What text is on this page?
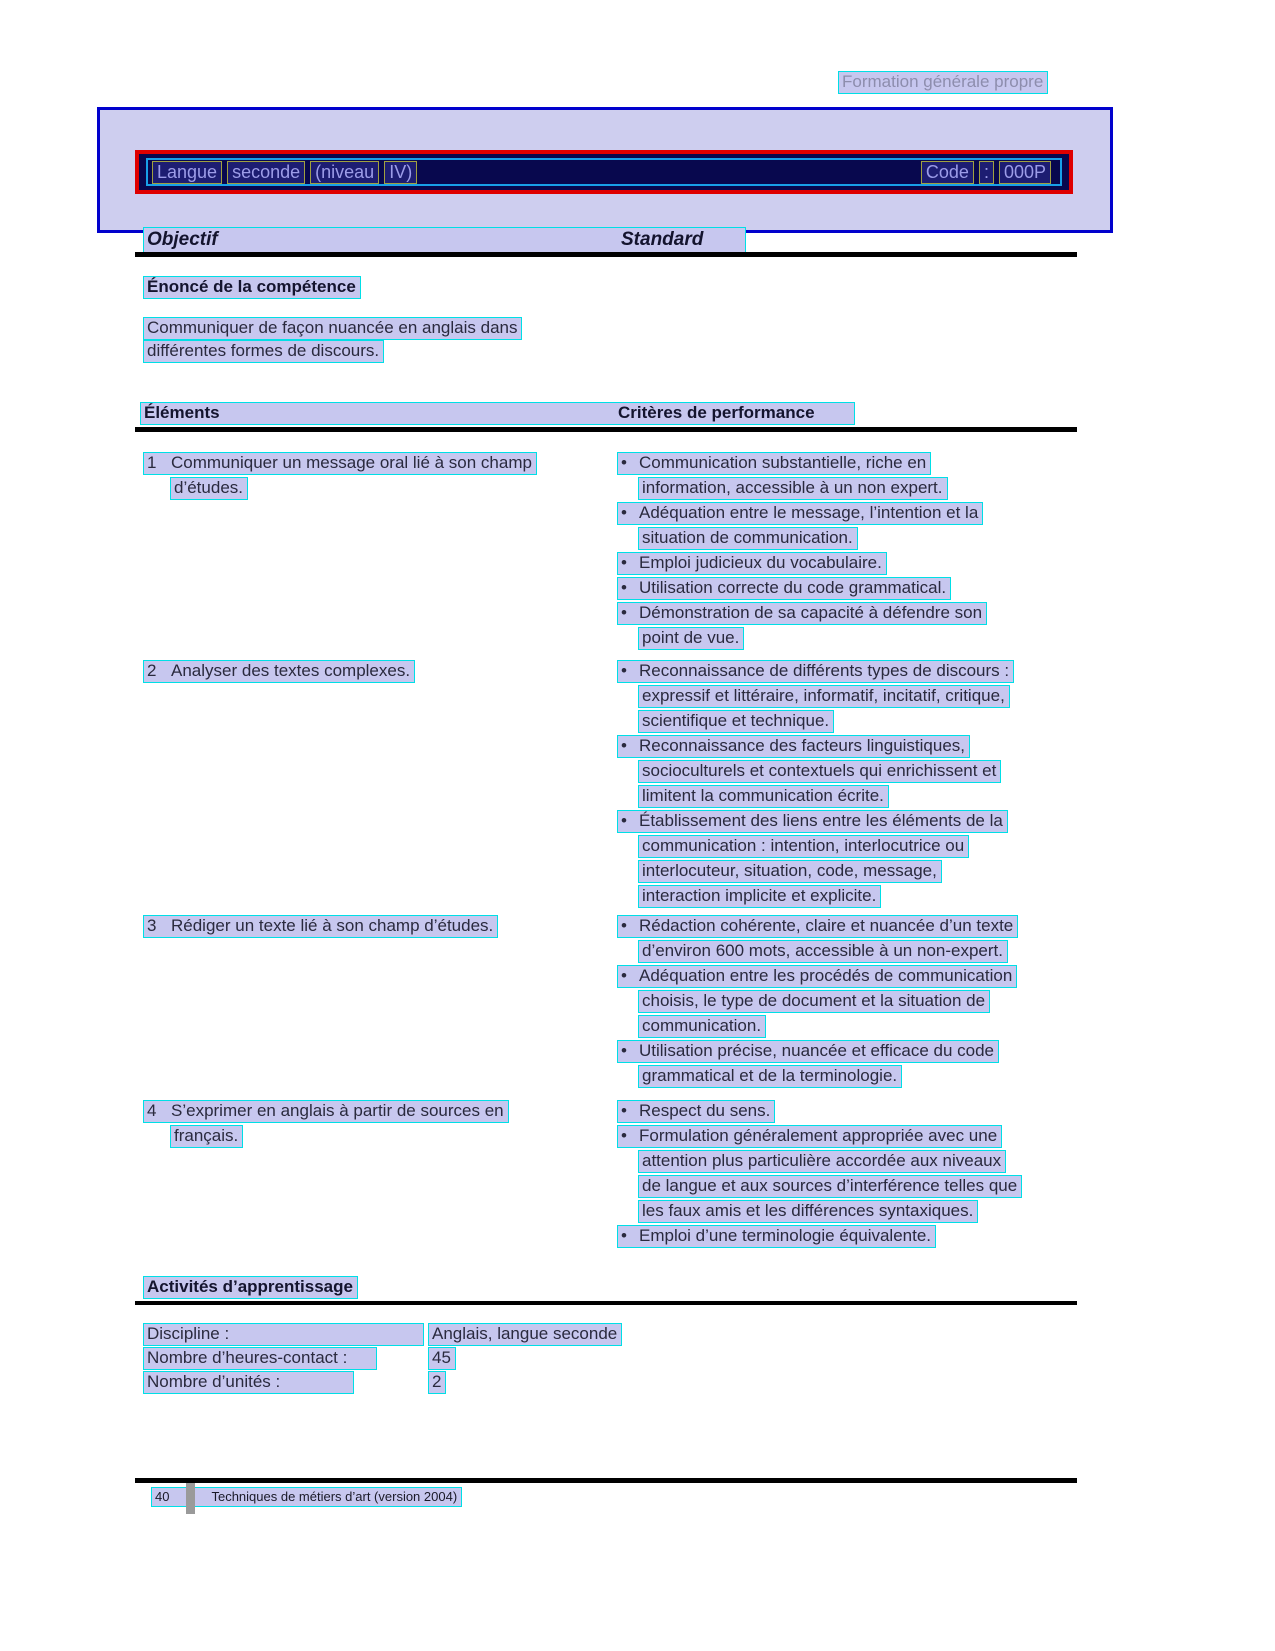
Formation générale propre
Langue seconde (niveau IV)	Code : 000P
Objectif	Standard
Énoncé de la compétence
Communiquer de façon nuancée en anglais dans
différentes formes de discours.
Éléments	Critères de performance
1 Communiquer un message oral lié à son champ
d’études.
• Communication substantielle, riche en
information, accessible à un non expert.
• Adéquation entre le message, l’intention et la
situation de communication.
• Emploi judicieux du vocabulaire.
• Utilisation correcte du code grammatical.
• Démonstration de sa capacité à défendre son
point de vue.
2 Analyser des textes complexes.	• Reconnaissance de différents types de discours :
expressif et littéraire, informatif, incitatif, critique,
scientifique et technique.
• Reconnaissance des facteurs linguistiques,
socioculturels et contextuels qui enrichissent et
limitent la communication écrite.
• Établissement des liens entre les éléments de la
communication : intention, interlocutrice ou
interlocuteur, situation, code, message,
interaction implicite et explicite.
3 Rédiger un texte lié à son champ d’études.	• Rédaction cohérente, claire et nuancée d’un texte
d’environ 600 mots, accessible à un non-expert.
• Adéquation entre les procédés de communication
choisis, le type de document et la situation de
communication.
• Utilisation précise, nuancée et efficace du code
grammatical et de la terminologie.
4 S’exprimer en anglais à partir de sources en
français.
• Respect du sens.
• Formulation généralement appropriée avec une
attention plus particulière accordée aux niveaux
de langue et aux sources d’interférence telles que
les faux amis et les différences syntaxiques.
• Emploi d’une terminologie équivalente.
Activités d’apprentissage
Discipline :	Anglais, langue seconde
Nombre d’heures-contact :	45
Nombre d’unités :	2
40	Techniques de métiers d’art (version 2004)
